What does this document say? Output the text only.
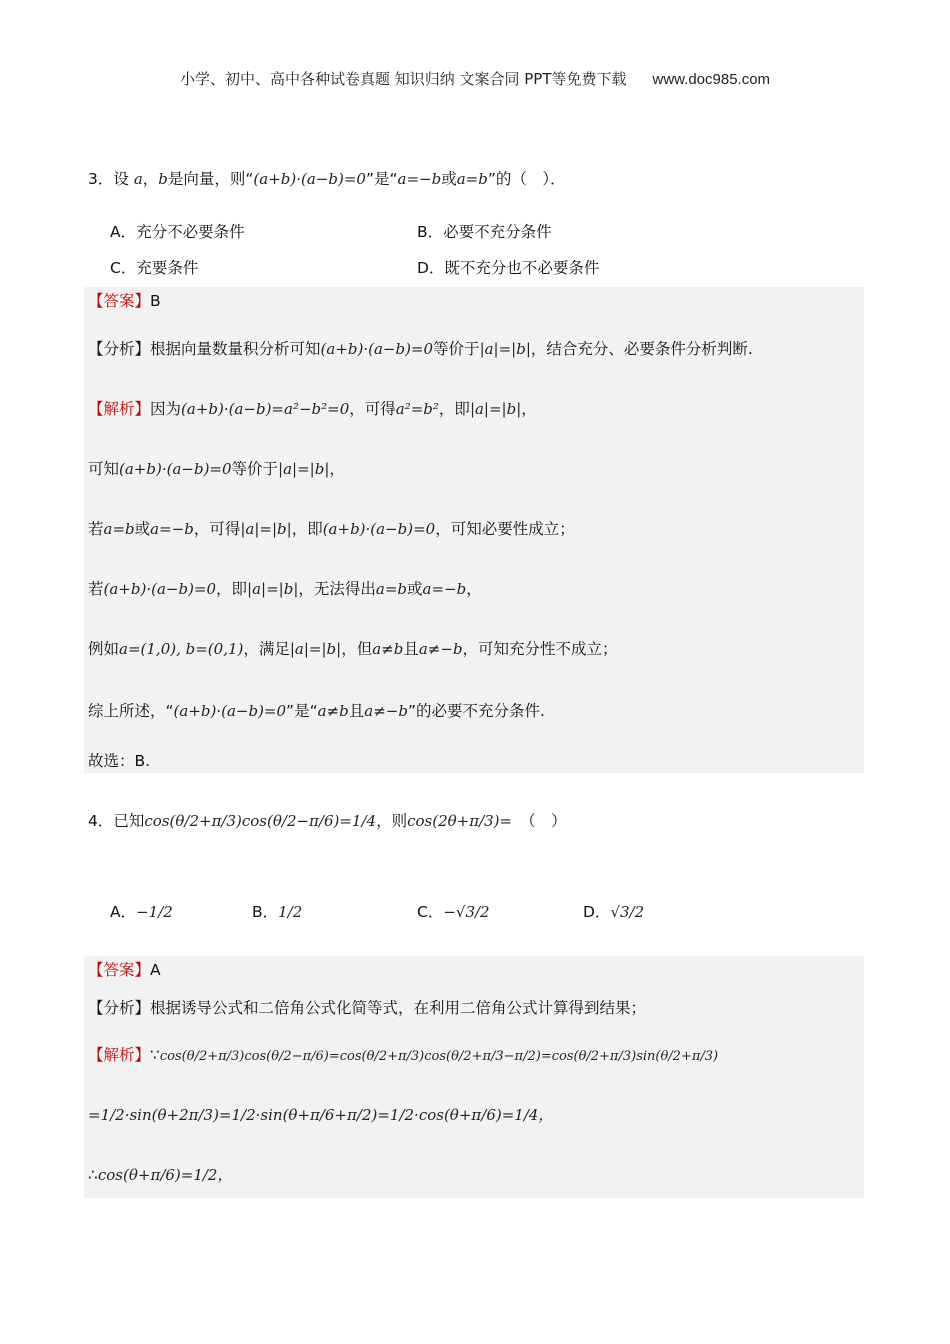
小学、初中、高中各种试卷真题 知识归纳 文案合同 PPT等免费下载 www.doc985.com
3．设 a，b是向量，则“(a+b)·(a−b)=0”是“a=−b或a=b”的（　）．
A．充分不必要条件	B．必要不充分条件
C．充要条件	D．既不充分也不必要条件
【答案】B
【分析】根据向量数量积分析可知(a+b)·(a−b)=0等价于|a|=|b|，结合充分、必要条件分析判断.
【解析】因为(a+b)·(a−b)=a²−b²=0，可得a²=b²，即|a|=|b|，
可知(a+b)·(a−b)=0等价于|a|=|b|，
若a=b或a=−b，可得|a|=|b|，即(a+b)·(a−b)=0，可知必要性成立；
若(a+b)·(a−b)=0，即|a|=|b|，无法得出a=b或a=−b，
例如a=(1,0), b=(0,1)，满足|a|=|b|，但a≠b且a≠−b，可知充分性不成立；
综上所述，“(a+b)·(a−b)=0”是“a≠b且a≠−b”的必要不充分条件.
故选：B.
4．已知cos(θ/2+π/3)cos(θ/2−π/6)=1/4，则cos(2θ+π/3)= （　）
A．−1/2	B．1/2	C．−√3/2	D．√3/2
【答案】A
【分析】根据诱导公式和二倍角公式化简等式，在利用二倍角公式计算得到结果；
【解析】∵cos(θ/2+π/3)cos(θ/2−π/6)=cos(θ/2+π/3)cos(θ/2+π/3−π/2)=cos(θ/2+π/3)sin(θ/2+π/3)
=1/2·sin(θ+2π/3)=1/2·sin(θ+π/6+π/2)=1/2·cos(θ+π/6)=1/4，
∴cos(θ+π/6)=1/2，
